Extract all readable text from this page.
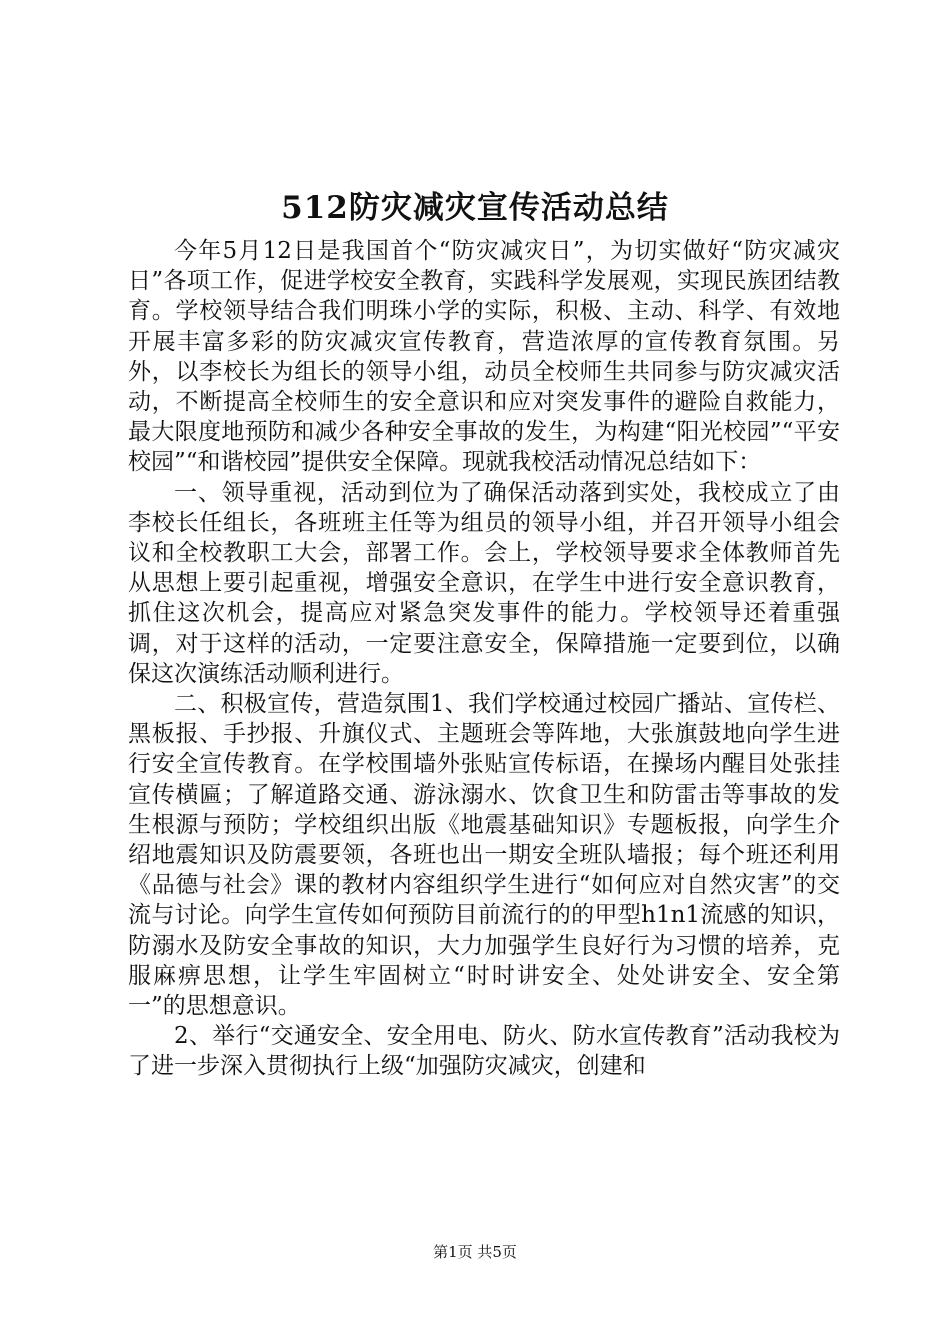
512防灾减灾宣传活动总结

今年5月12日是我国首个“防灾减灾日”，为切实做好“防灾减灾日”各项工作，促进学校安全教育，实践科学发展观，实现民族团结教育。学校领导结合我们明珠小学的实际，积极、主动、科学、有效地开展丰富多彩的防灾减灾宣传教育，营造浓厚的宣传教育氛围。另外，以李校长为组长的领导小组，动员全校师生共同参与防灾减灾活动，不断提高全校师生的安全意识和应对突发事件的避险自救能力，最大限度地预防和减少各种安全事故的发生，为构建“阳光校园”“平安校园”“和谐校园”提供安全保障。现就我校活动情况总结如下：

一、领导重视，活动到位为了确保活动落到实处，我校成立了由李校长任组长，各班班主任等为组员的领导小组，并召开领导小组会议和全校教职工大会，部署工作。会上，学校领导要求全体教师首先从思想上要引起重视，增强安全意识，在学生中进行安全意识教育，抓住这次机会，提高应对紧急突发事件的能力。学校领导还着重强调，对于这样的活动，一定要注意安全，保障措施一定要到位，以确保这次演练活动顺利进行。

二、积极宣传，营造氛围1、我们学校通过校园广播站、宣传栏、黑板报、手抄报、升旗仪式、主题班会等阵地，大张旗鼓地向学生进行安全宣传教育。在学校围墙外张贴宣传标语，在操场内醒目处张挂宣传横匾；了解道路交通、游泳溺水、饮食卫生和防雷击等事故的发生根源与预防；学校组织出版《地震基础知识》专题板报，向学生介绍地震知识及防震要领，各班也出一期安全班队墙报；每个班还利用《品德与社会》课的教材内容组织学生进行“如何应对自然灾害”的交流与讨论。向学生宣传如何预防目前流行的的甲型h1n1流感的知识，防溺水及防安全事故的知识，大力加强学生良好行为习惯的培养，克服麻痹思想，让学生牢固树立“时时讲安全、处处讲安全、安全第一”的思想意识。

2、举行“交通安全、安全用电、防火、防水宣传教育”活动我校为了进一步深入贯彻执行上级“加强防灾减灾，创建和

第1页 共5页
